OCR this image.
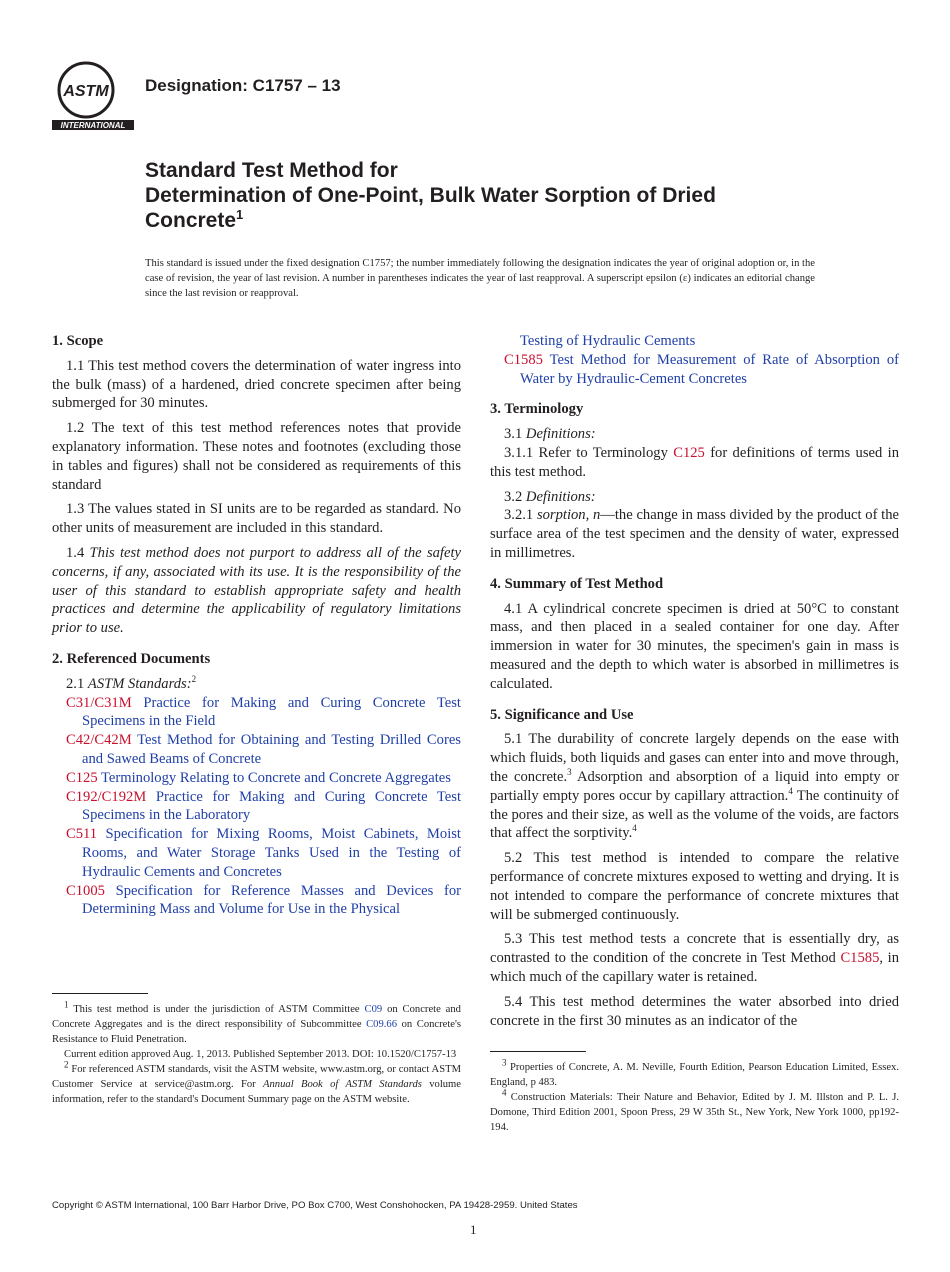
ASTM
INTERNATIONAL
Designation: C1757 – 13
Standard Test Method for
Determination of One-Point, Bulk Water Sorption of Dried
Concrete$^1$
This standard is issued under the fixed designation C1757; the number immediately following the designation indicates the year of original adoption or, in the case of revision, the year of last revision. A number in parentheses indicates the year of last reapproval. A superscript epsilon (ε) indicates an editorial change since the last revision or reapproval.

1. Scope

1.1 This test method covers the determination of water ingress into the bulk (mass) of a hardened, dried concrete specimen after being submerged for 30 minutes.

1.2 The text of this test method references notes that provide explanatory information. These notes and footnotes (excluding those in tables and figures) shall not be considered as requirements of this standard

1.3 The values stated in SI units are to be regarded as standard. No other units of measurement are included in this standard.

1.4 This test method does not purport to address all of the safety concerns, if any, associated with its use. It is the responsibility of the user of this standard to establish appropriate safety and health practices and determine the applicability of regulatory limitations prior to use.

2. Referenced Documents

2.1 ASTM Standards:$^2$

C31/C31M Practice for Making and Curing Concrete Test Specimens in the Field

C42/C42M Test Method for Obtaining and Testing Drilled Cores and Sawed Beams of Concrete

C125 Terminology Relating to Concrete and Concrete Aggregates

C192/C192M Practice for Making and Curing Concrete Test Specimens in the Laboratory

C511 Specification for Mixing Rooms, Moist Cabinets, Moist Rooms, and Water Storage Tanks Used in the Testing of Hydraulic Cements and Concretes

C1005 Specification for Reference Masses and Devices for Determining Mass and Volume for Use in the Physical

Testing of Hydraulic Cements

C1585 Test Method for Measurement of Rate of Absorption of Water by Hydraulic-Cement Concretes

3. Terminology

3.1 Definitions:

3.1.1 Refer to Terminology C125 for definitions of terms used in this test method.

3.2 Definitions:

3.2.1 sorption, n—the change in mass divided by the product of the surface area of the test specimen and the density of water, expressed in millimetres.

4. Summary of Test Method

4.1 A cylindrical concrete specimen is dried at 50°C to constant mass, and then placed in a sealed container for one day. After immersion in water for 30 minutes, the specimen's gain in mass is measured and the depth to which water is absorbed in millimetres is calculated.

5. Significance and Use

5.1 The durability of concrete largely depends on the ease with which fluids, both liquids and gases can enter into and move through, the concrete.$^3$ Adsorption and absorption of a liquid into empty or partially empty pores occur by capillary attraction.$^4$ The continuity of the pores and their size, as well as the volume of the voids, are factors that affect the sorptivity.$^4$

5.2 This test method is intended to compare the relative performance of concrete mixtures exposed to wetting and drying. It is not intended to compare the performance of concrete mixtures that will be submerged continuously.

5.3 This test method tests a concrete that is essentially dry, as contrasted to the condition of the concrete in Test Method C1585, in which much of the capillary water is retained.

5.4 This test method determines the water absorbed into dried concrete in the first 30 minutes as an indicator of the

$^1$ This test method is under the jurisdiction of ASTM Committee C09 on Concrete and Concrete Aggregates and is the direct responsibility of Subcommittee C09.66 on Concrete's Resistance to Fluid Penetration.

Current edition approved Aug. 1, 2013. Published September 2013. DOI: 10.1520/C1757-13

$^2$ For referenced ASTM standards, visit the ASTM website, www.astm.org, or contact ASTM Customer Service at service@astm.org. For Annual Book of ASTM Standards volume information, refer to the standard's Document Summary page on the ASTM website.

$^3$ Properties of Concrete, A. M. Neville, Fourth Edition, Pearson Education Limited, Essex. England, p 483.

$^4$ Construction Materials: Their Nature and Behavior, Edited by J. M. Illston and P. L. J. Domone, Third Edition 2001, Spoon Press, 29 W 35th St., New York, New York 1000, pp192-194.

Copyright © ASTM International, 100 Barr Harbor Drive, PO Box C700, West Conshohocken, PA 19428-2959. United States
1
